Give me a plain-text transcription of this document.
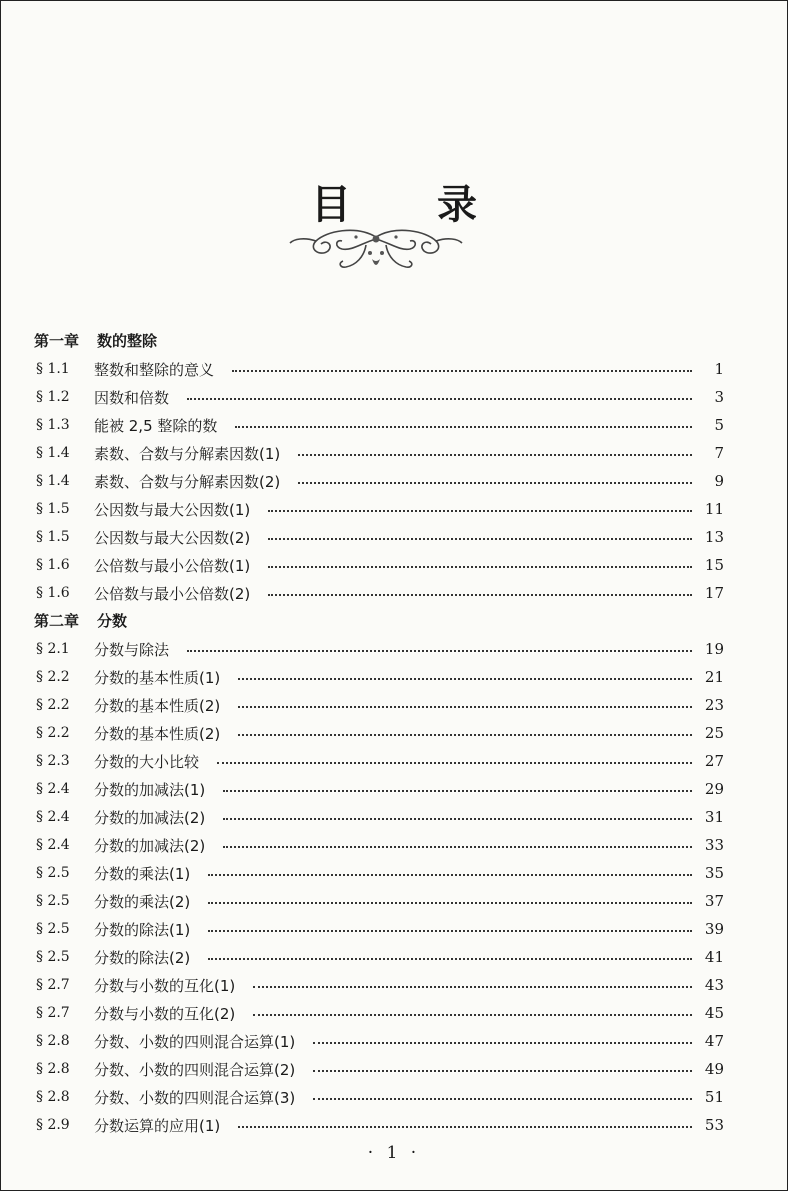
目 录
第一章 数的整除
§ 1.1	整数和整除的意义	1
§ 1.2	因数和倍数	3
§ 1.3	能被 2,5 整除的数	5
§ 1.4	素数、合数与分解素因数(1)	7
§ 1.4	素数、合数与分解素因数(2)	9
§ 1.5	公因数与最大公因数(1)	11
§ 1.5	公因数与最大公因数(2)	13
§ 1.6	公倍数与最小公倍数(1)	15
§ 1.6	公倍数与最小公倍数(2)	17
第二章 分数
§ 2.1	分数与除法	19
§ 2.2	分数的基本性质(1)	21
§ 2.2	分数的基本性质(2)	23
§ 2.2	分数的基本性质(2)	25
§ 2.3	分数的大小比较	27
§ 2.4	分数的加减法(1)	29
§ 2.4	分数的加减法(2)	31
§ 2.4	分数的加减法(2)	33
§ 2.5	分数的乘法(1)	35
§ 2.5	分数的乘法(2)	37
§ 2.5	分数的除法(1)	39
§ 2.5	分数的除法(2)	41
§ 2.7	分数与小数的互化(1)	43
§ 2.7	分数与小数的互化(2)	45
§ 2.8	分数、小数的四则混合运算(1)	47
§ 2.8	分数、小数的四则混合运算(2)	49
§ 2.8	分数、小数的四则混合运算(3)	51
§ 2.9	分数运算的应用(1)	53
· 1 ·
